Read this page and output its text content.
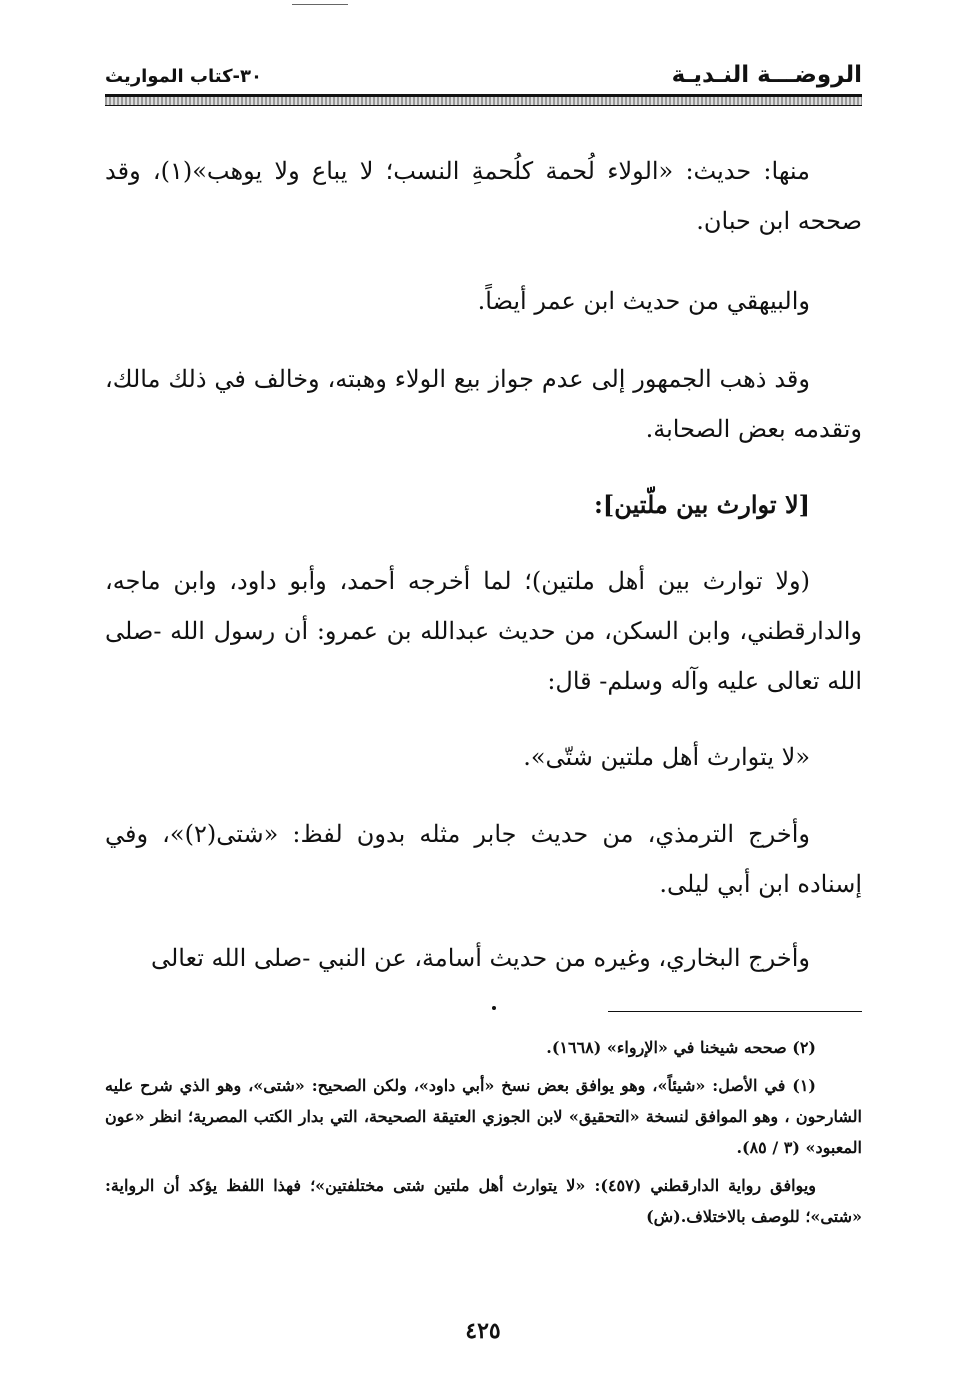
الروضـــة النـديـة
٣٠-كتاب المواريث

منها: حديث: «الولاء لُحمة كلُحمةِ النسب؛ لا يباع ولا يوهب»(١)، وقد صححه ابن حبان.

والبيهقي من حديث ابن عمر أيضاً.

وقد ذهب الجمهور إلى عدم جواز بيع الولاء وهبته، وخالف في ذلك مالك، وتقدمه بعض الصحابة.

[لا توارث بين ملّتين]:

(ولا توارث بين أهل ملتين)؛ لما أخرجه أحمد، وأبو داود، وابن ماجه، والدارقطني، وابن السكن، من حديث عبدالله بن عمرو: أن رسول الله -صلى الله تعالى عليه وآله وسلم- قال:

«لا يتوارث أهل ملتين شتّى».

وأخرج الترمذي، من حديث جابر مثله بدون لفظ: «شتى(٢)»، وفي إسناده ابن أبي ليلى.

وأخرج البخاري، وغيره من حديث أسامة، عن النبي -صلى الله تعالى

(٢) صححه شيخنا في «الإرواء» (١٦٦٨).

(١) في الأصل: «شيئاً»، وهو يوافق بعض نسخ «أبي داود»، ولكن الصحيح: «شتى»، وهو الذي شرح عليه الشارحون ، وهو الموافق لنسخة «التحقيق» لابن الجوزي العتيقة الصحيحة، التي بدار الكتب المصرية؛ انظر «عون المعبود» (٣ / ٨٥).

ويوافق رواية الدارقطني (٤٥٧): «لا يتوارث أهل ملتين شتى مختلفتين»؛ فهذا اللفظ يؤكد أن الرواية: «شتى»؛ للوصف بالاختلاف.(ش)

٤٢٥
